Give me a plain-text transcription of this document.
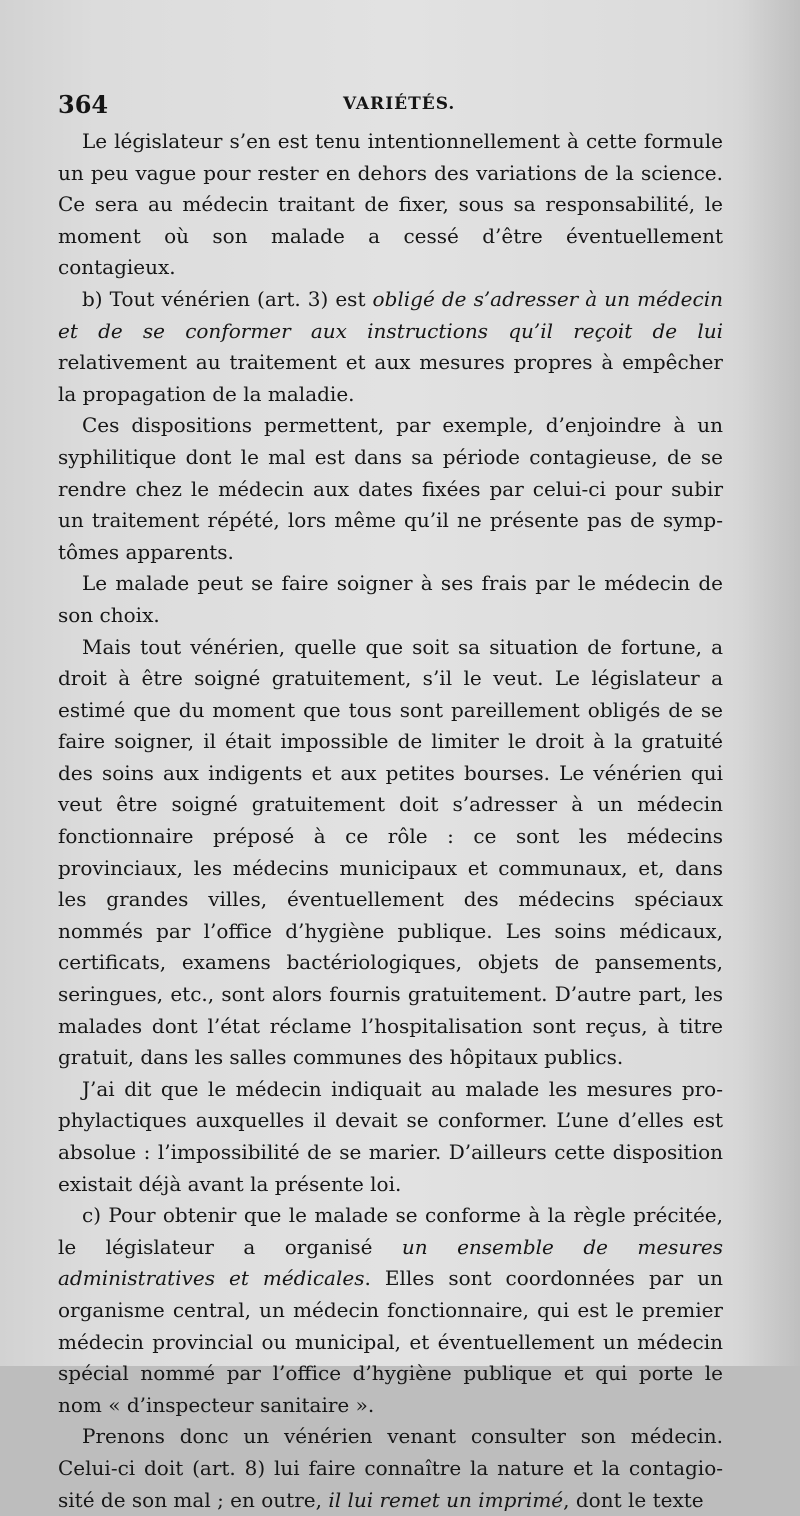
364	VARIÉTÉS.

Le législateur s’en est tenu intentionnellement à cette formule un peu vague pour rester en dehors des variations de la science. Ce sera au médecin traitant de fixer, sous sa responsabilité, le moment où son malade a cessé d’être éventuellement contagieux.

b) Tout vénérien (art. 3) est obligé de s’adresser à un médecin et de se conformer aux instructions qu’il reçoit de lui relativement au traitement et aux mesures propres à empêcher la propagation de la maladie.

Ces dispositions permettent, par exemple, d’enjoindre à un syphilitique dont le mal est dans sa période contagieuse, de se rendre chez le médecin aux dates fixées par celui-ci pour subir un traitement répété, lors même qu’il ne présente pas de symptômes apparents.

Le malade peut se faire soigner à ses frais par le médecin de son choix.

Mais tout vénérien, quelle que soit sa situation de fortune, a droit à être soigné gratuitement, s’il le veut. Le législateur a estimé que du moment que tous sont pareillement obligés de se faire soigner, il était impossible de limiter le droit à la gratuité des soins aux indigents et aux petites bourses. Le vénérien qui veut être soigné gratuitement doit s’adresser à un médecin fonctionnaire préposé à ce rôle : ce sont les médecins provinciaux, les médecins municipaux et communaux, et, dans les grandes villes, éventuellement des médecins spéciaux nommés par l’office d’hygiène publique. Les soins médicaux, certificats, examens bactériologiques, objets de pansements, seringues, etc., sont alors fournis gratuitement. D’autre part, les malades dont l’état réclame l’hospitalisation sont reçus, à titre gratuit, dans les salles communes des hôpitaux publics.

J’ai dit que le médecin indiquait au malade les mesures prophylactiques auxquelles il devait se conformer. L’une d’elles est absolue : l’impossibilité de se marier. D’ailleurs cette disposition existait déjà avant la présente loi.

c) Pour obtenir que le malade se conforme à la règle précitée, le législateur a organisé un ensemble de mesures administratives et médicales. Elles sont coordonnées par un organisme central, un médecin fonctionnaire, qui est le premier médecin provincial ou municipal, et éventuellement un médecin spécial nommé par l’office d’hygiène publique et qui porte le nom « d’inspecteur sanitaire ».

Prenons donc un vénérien venant consulter son médecin. Celui-ci doit (art. 8) lui faire connaître la nature et la contagiosité de son mal ; en outre, il lui remet un imprimé, dont le texte
